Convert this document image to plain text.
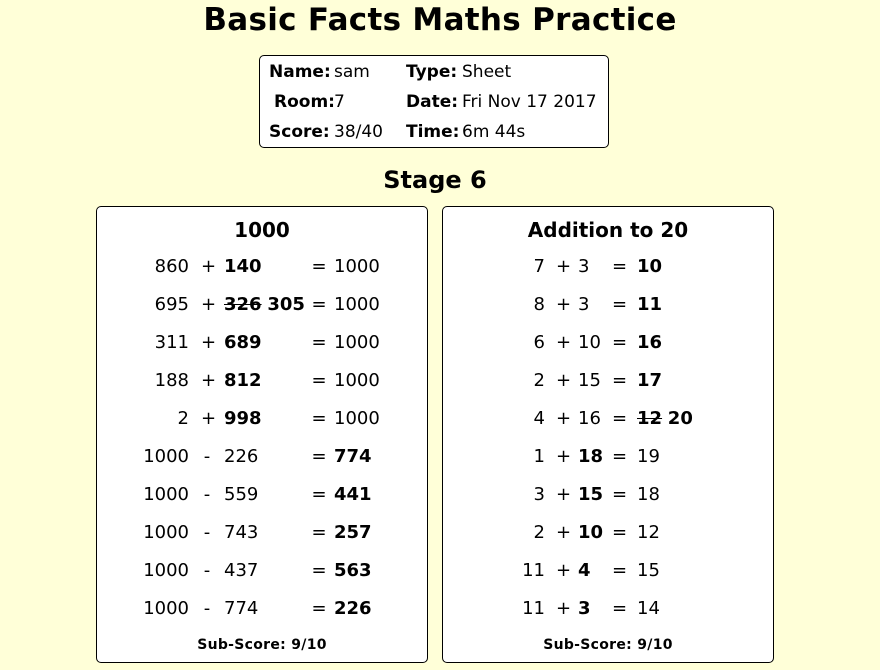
Basic Facts Maths Practice
Name: sam Type: Sheet
Room: 7	Date: Fri Nov 17 2017
Score: 38/40 Time: 6m 44s
Stage 6
1000
860 + 140	= 1000
695 + 326 305 = 1000
311 + 689	= 1000
188 + 812	= 1000
2 + 998	= 1000
1000 - 226	= 774
1000 - 559	= 441
1000 - 743	= 257
1000 - 437	= 563
1000 - 774	= 226
Sub-Score: 9/10
Addition to 20
7 + 3 = 10
8 + 3 = 11
6 + 10 = 16
2 + 15 = 17
4 + 16 = 12 20
1 + 18 = 19
3 + 15 = 18
2 + 10 = 12
11 + 4 = 15
11 + 3 = 14
Sub-Score: 9/10
